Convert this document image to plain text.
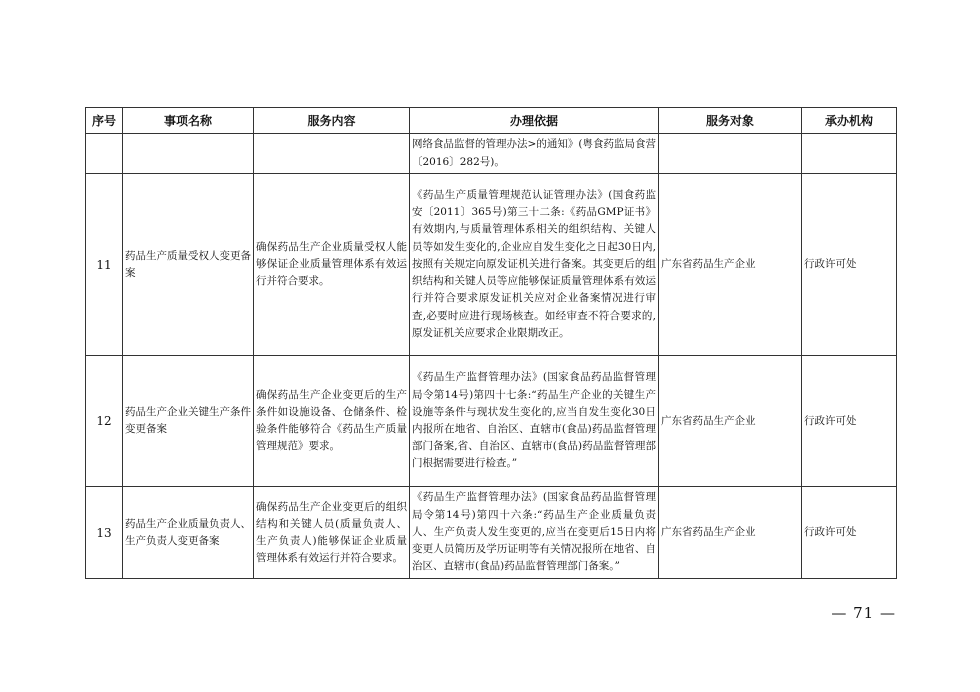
序号	事项名称	服务内容	办理依据	服务对象	承办机构
			网络食品监督的管理办法>的通知》(粤食药监局食营〔2016〕282号)。		
11	药品生产质量受权人变更备案	确保药品生产企业质量受权人能够保证企业质量管理体系有效运行并符合要求。	《药品生产质量管理规范认证管理办法》(国食药监安〔2011〕365号)第三十二条:《药品GMP证书》有效期内,与质量管理体系相关的组织结构、关键人员等如发生变化的,企业应自发生变化之日起30日内,按照有关规定向原发证机关进行备案。其变更后的组织结构和关键人员等应能够保证质量管理体系有效运行并符合要求原发证机关应对企业备案情况进行审查,必要时应进行现场核查。如经审查不符合要求的,原发证机关应要求企业限期改正。	广东省药品生产企业	行政许可处
12	药品生产企业关键生产条件变更备案	确保药品生产企业变更后的生产条件如设施设备、仓储条件、检验条件能够符合《药品生产质量管理规范》要求。	《药品生产监督管理办法》(国家食品药品监督管理局令第14号)第四十七条:“药品生产企业的关键生产设施等条件与现状发生变化的,应当自发生变化30日内报所在地省、自治区、直辖市(食品)药品监督管理部门备案,省、自治区、直辖市(食品)药品监督管理部门根据需要进行检查。”	广东省药品生产企业	行政许可处
13	药品生产企业质量负责人、生产负责人变更备案	确保药品生产企业变更后的组织结构和关键人员(质量负责人、生产负责人)能够保证企业质量管理体系有效运行并符合要求。	《药品生产监督管理办法》(国家食品药品监督管理局令第14号)第四十六条:“药品生产企业质量负责人、生产负责人发生变更的,应当在变更后15日内将变更人员简历及学历证明等有关情况报所在地省、自治区、直辖市(食品)药品监督管理部门备案。”	广东省药品生产企业	行政许可处
— 71 —
